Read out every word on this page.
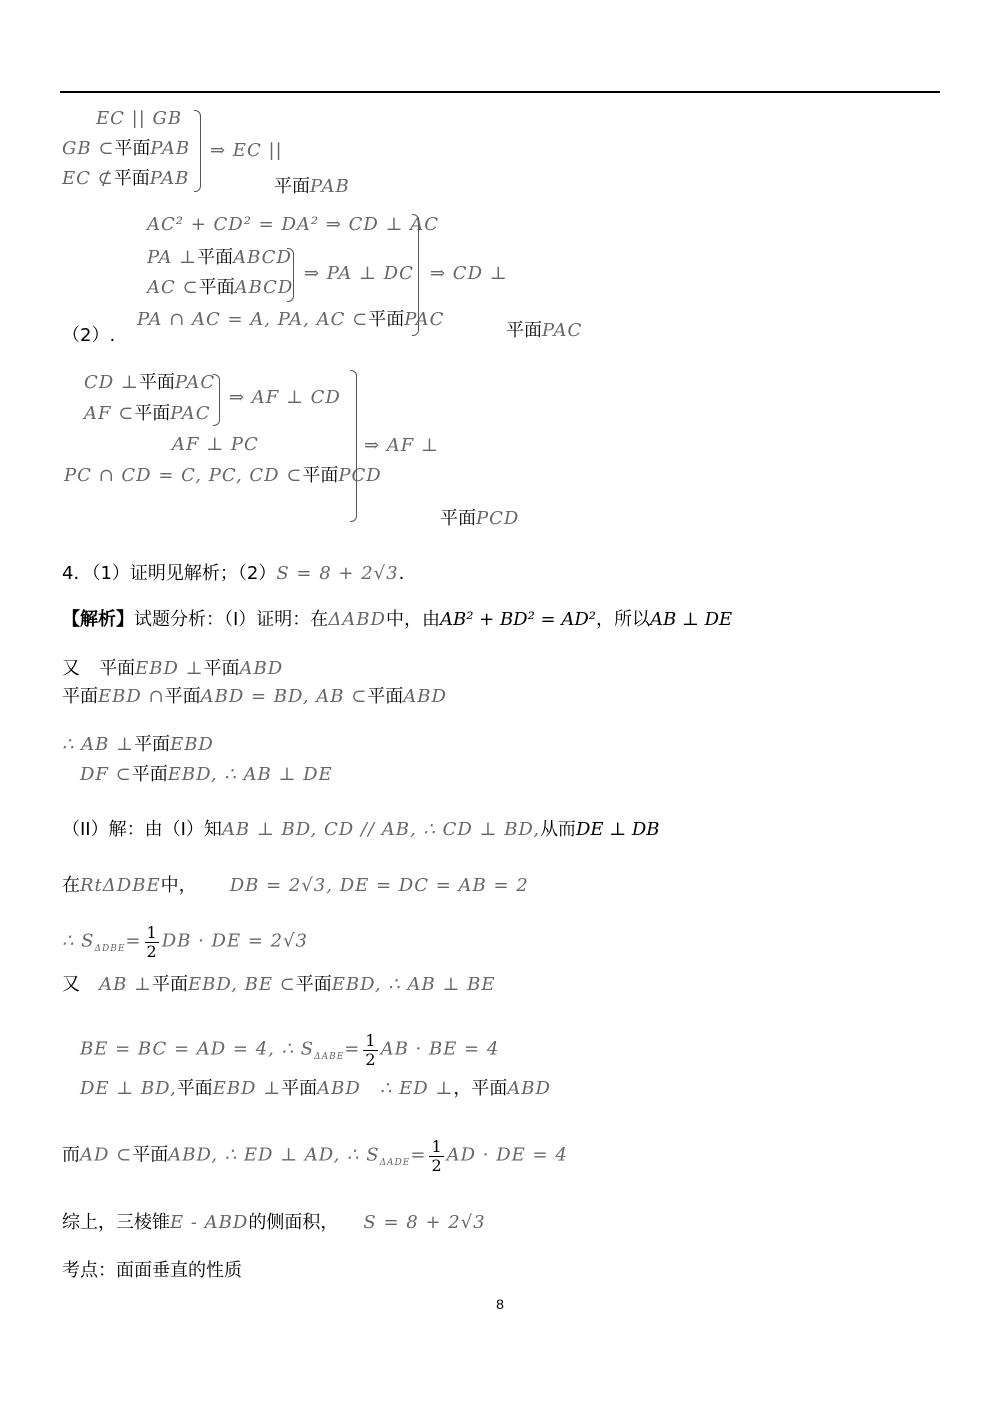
EC || GB
GB ⊂平面PAB
EC ⊄平面PAB
⇒ EC ||
平面PAB
AC² + CD² = DA² ⇒ CD ⊥ AC
PA ⊥平面ABCD
AC ⊂平面ABCD
⇒ PA ⊥ DC
（2）.
PA ∩ AC = A, PA, AC ⊂平面PAC
⇒ CD ⊥
平面PAC
CD ⊥平面PAC
AF ⊂平面PAC
⇒ AF ⊥ CD
AF ⊥ PC
PC ∩ CD = C, PC, CD ⊂平面PCD
⇒ AF ⊥
平面PCD
4．（1）证明见解析；（2）S = 8 + 2√3.
【解析】试题分析：（I）证明：在ΔABD中，由AB² + BD² = AD²，所以AB ⊥ DE
又 平面EBD ⊥平面ABD
平面EBD ∩平面ABD = BD, AB ⊂平面ABD
∴ AB ⊥平面EBD
DF ⊂平面EBD, ∴ AB ⊥ DE
（II）解：由（I）知AB ⊥ BD, CD // AB, ∴ CD ⊥ BD,从而DE ⊥ DB
在RtΔDBE中， DB = 2√3, DE = DC = AB = 2
∴ $S_{\Delta DBE}= \frac{1}{2}$ DB · DE = 2√3
又 AB ⊥平面EBD, BE ⊂平面EBD, ∴ AB ⊥ BE
BE = BC = AD = 4, ∴ $S_{\Delta ABE}= \frac{1}{2}$ AB · BE = 4
DE ⊥ BD,平面EBD ⊥平面ABD ∴ ED ⊥，平面ABD
而AD ⊂平面ABD, ∴ ED ⊥ AD, ∴ $S_{\Delta ADE}= \frac{1}{2}$ AD · DE = 4
综上，三棱锥E - ABD的侧面积， S = 8 + 2√3
考点：面面垂直的性质
8
